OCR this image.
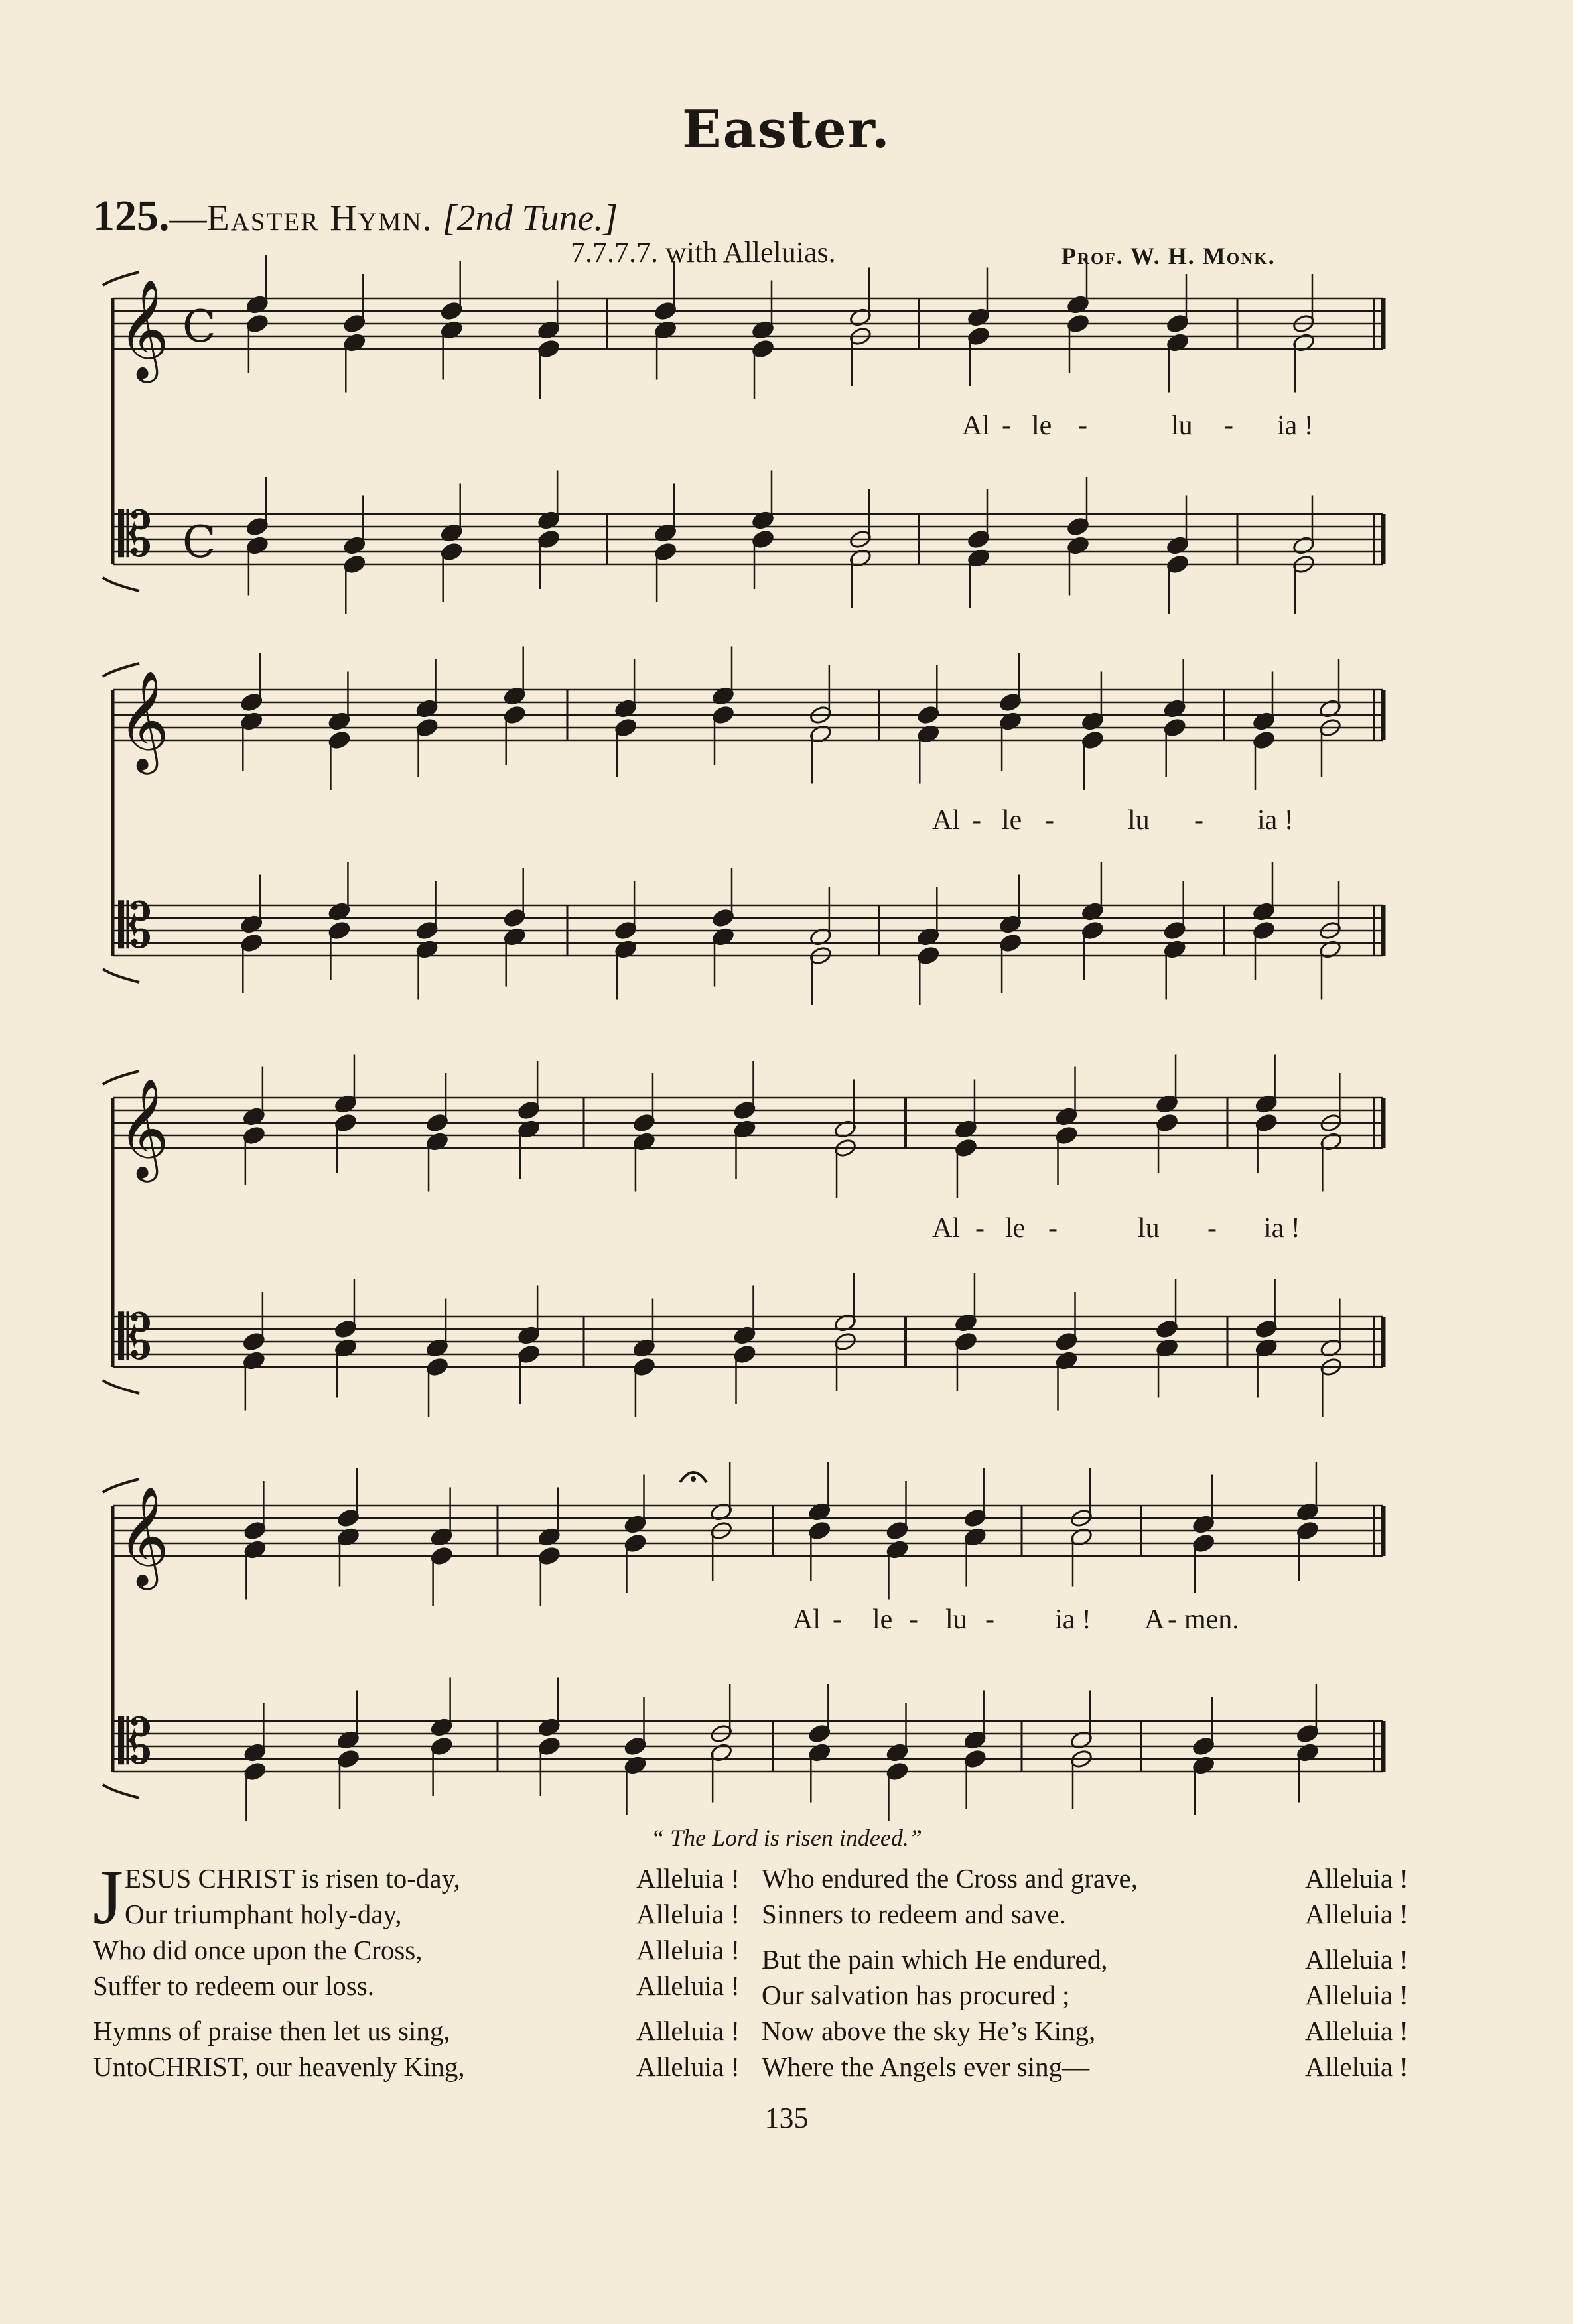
Easter.
125.—Easter Hymn. [2nd Tune.]
7.7.7.7. with Alleluias.	Prof. W. H. Monk.
𝄞 C
𝄡 C
𝄞
𝄡
𝄞
𝄡
𝄞
𝄡
Al - le -	lu - ia !
Al - le -	lu - ia !
Al - le -	lu - ia !
Al - le - lu - ia ! A - men.
“ The Lord is risen indeed.”
J ESUS CHRIST is risen to-day,	Alleluia !
Our triumphant holy-day,	Alleluia !
Who did once upon the Cross,	Alleluia !
Suffer to redeem our loss.	Alleluia !
Hymns of praise then let us sing,	Alleluia !
UntoCHRIST, our heavenly King,	Alleluia !
Who endured the Cross and grave,	Alleluia !
Sinners to redeem and save.	Alleluia !
But the pain which He endured,	Alleluia !
Our salvation has procured ;	Alleluia !
Now above the sky He’s King,	Alleluia !
Where the Angels ever sing—	Alleluia !
135
